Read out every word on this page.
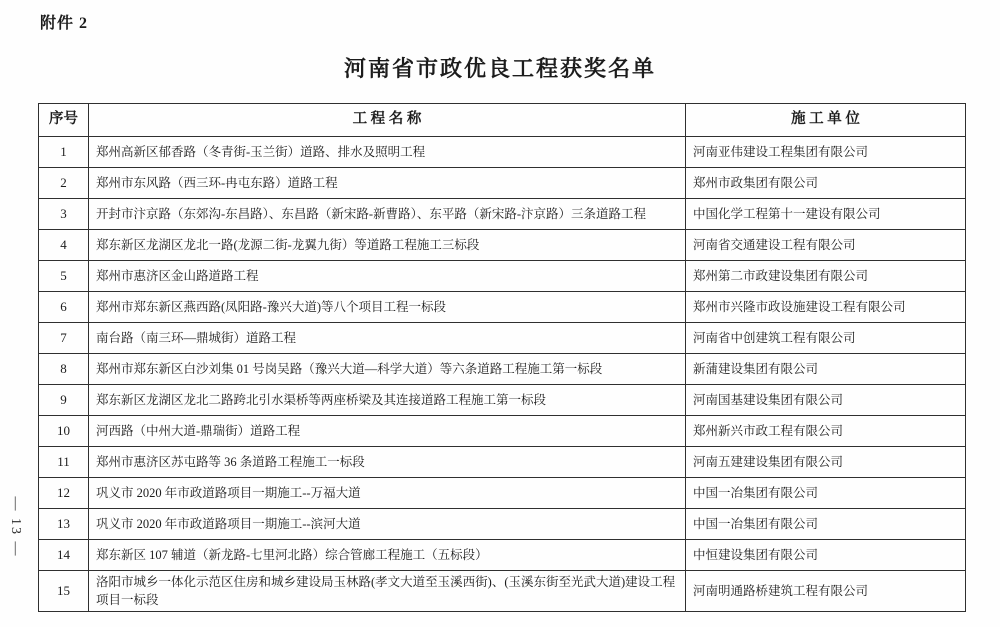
附件 2
河南省市政优良工程获奖名单
— 13 —
序号	工 程 名 称	施 工 单 位
1	郑州高新区郁香路（冬青街-玉兰街）道路、排水及照明工程	河南亚伟建设工程集团有限公司
2	郑州市东风路（西三环-冉屯东路）道路工程	郑州市政集团有限公司
3	开封市汴京路（东郊沟-东昌路）、东昌路（新宋路-新曹路）、东平路（新宋路-汴京路）三条道路工程	中国化学工程第十一建设有限公司
4	郑东新区龙湖区龙北一路(龙源二街-龙翼九街）等道路工程施工三标段	河南省交通建设工程有限公司
5	郑州市惠济区金山路道路工程	郑州第二市政建设集团有限公司
6	郑州市郑东新区燕西路(凤阳路-豫兴大道)等八个项目工程一标段	郑州市兴隆市政设施建设工程有限公司
7	南台路（南三环—鼎城街）道路工程	河南省中创建筑工程有限公司
8	郑州市郑东新区白沙刘集 01 号岗吴路（豫兴大道—科学大道）等六条道路工程施工第一标段	新蒲建设集团有限公司
9	郑东新区龙湖区龙北二路跨北引水渠桥等两座桥梁及其连接道路工程施工第一标段	河南国基建设集团有限公司
10	河西路（中州大道-鼎瑞街）道路工程	郑州新兴市政工程有限公司
11	郑州市惠济区苏屯路等 36 条道路工程施工一标段	河南五建建设集团有限公司
12	巩义市 2020 年市政道路项目一期施工--万福大道	中国一冶集团有限公司
13	巩义市 2020 年市政道路项目一期施工--滨河大道	中国一冶集团有限公司
14	郑东新区 107 辅道（新龙路-七里河北路）综合管廊工程施工（五标段）	中恒建设集团有限公司
15	洛阳市城乡一体化示范区住房和城乡建设局玉林路(孝文大道至玉溪西街)、(玉溪东街至光武大道)建设工程项目一标段	河南明通路桥建筑工程有限公司
